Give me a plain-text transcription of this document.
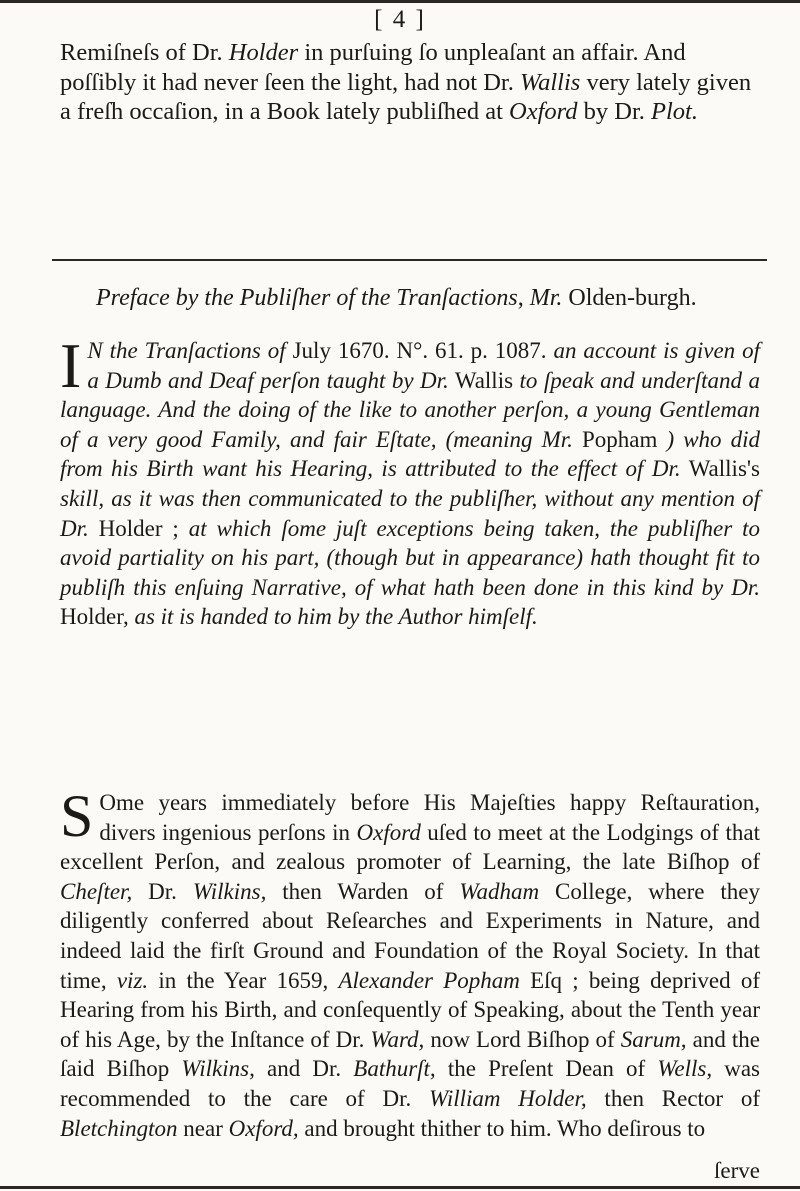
[ 4 ]
Remiſneſs of Dr. Holder in purſuing ſo unpleaſant an affair. And poſſibly it had never ſeen the light, had not Dr. Wallis very lately given a freſh occaſion, in a Book lately publiſhed at Oxford by Dr. Plot.
Preface by the Publiſher of the Tranſactions, Mr. Olden-burgh.
I N the Tranſactions of July 1670. N°. 61. p. 1087. an account is given of a Dumb and Deaf perſon taught by Dr. Wallis to ſpeak and underſtand a language. And the doing of the like to another perſon, a young Gentleman of a very good Family, and fair Eſtate, (meaning Mr. Popham ) who did from his Birth want his Hearing, is attributed to the effect of Dr. Wallis's skill, as it was then communicated to the publiſher, without any mention of Dr. Holder ; at which ſome juſt exceptions being taken, the publiſher to avoid partiality on his part, (though but in appearance) hath thought fit to publiſh this enſuing Narrative, of what hath been done in this kind by Dr. Holder, as it is handed to him by the Author himſelf.
S Ome years immediately before His Majeſties happy Reſtauration, divers ingenious perſons in Oxford uſed to meet at the Lodgings of that excellent Perſon, and zealous promoter of Learning, the late Biſhop of Cheſter, Dr. Wilkins, then Warden of Wadham College, where they diligently conferred about Reſearches and Experiments in Nature, and indeed laid the firſt Ground and Foundation of the Royal Society. In that time, viz. in the Year 1659, Alexander Popham Eſq ; being deprived of Hearing from his Birth, and conſequently of Speaking, about the Tenth year of his Age, by the Inſtance of Dr. Ward, now Lord Biſhop of Sarum, and the ſaid Biſhop Wilkins, and Dr. Bathurſt, the Preſent Dean of Wells, was recommended to the care of Dr. William Holder, then Rector of Bletchington near Oxford, and brought thither to him. Who deſirous to
ſerve
